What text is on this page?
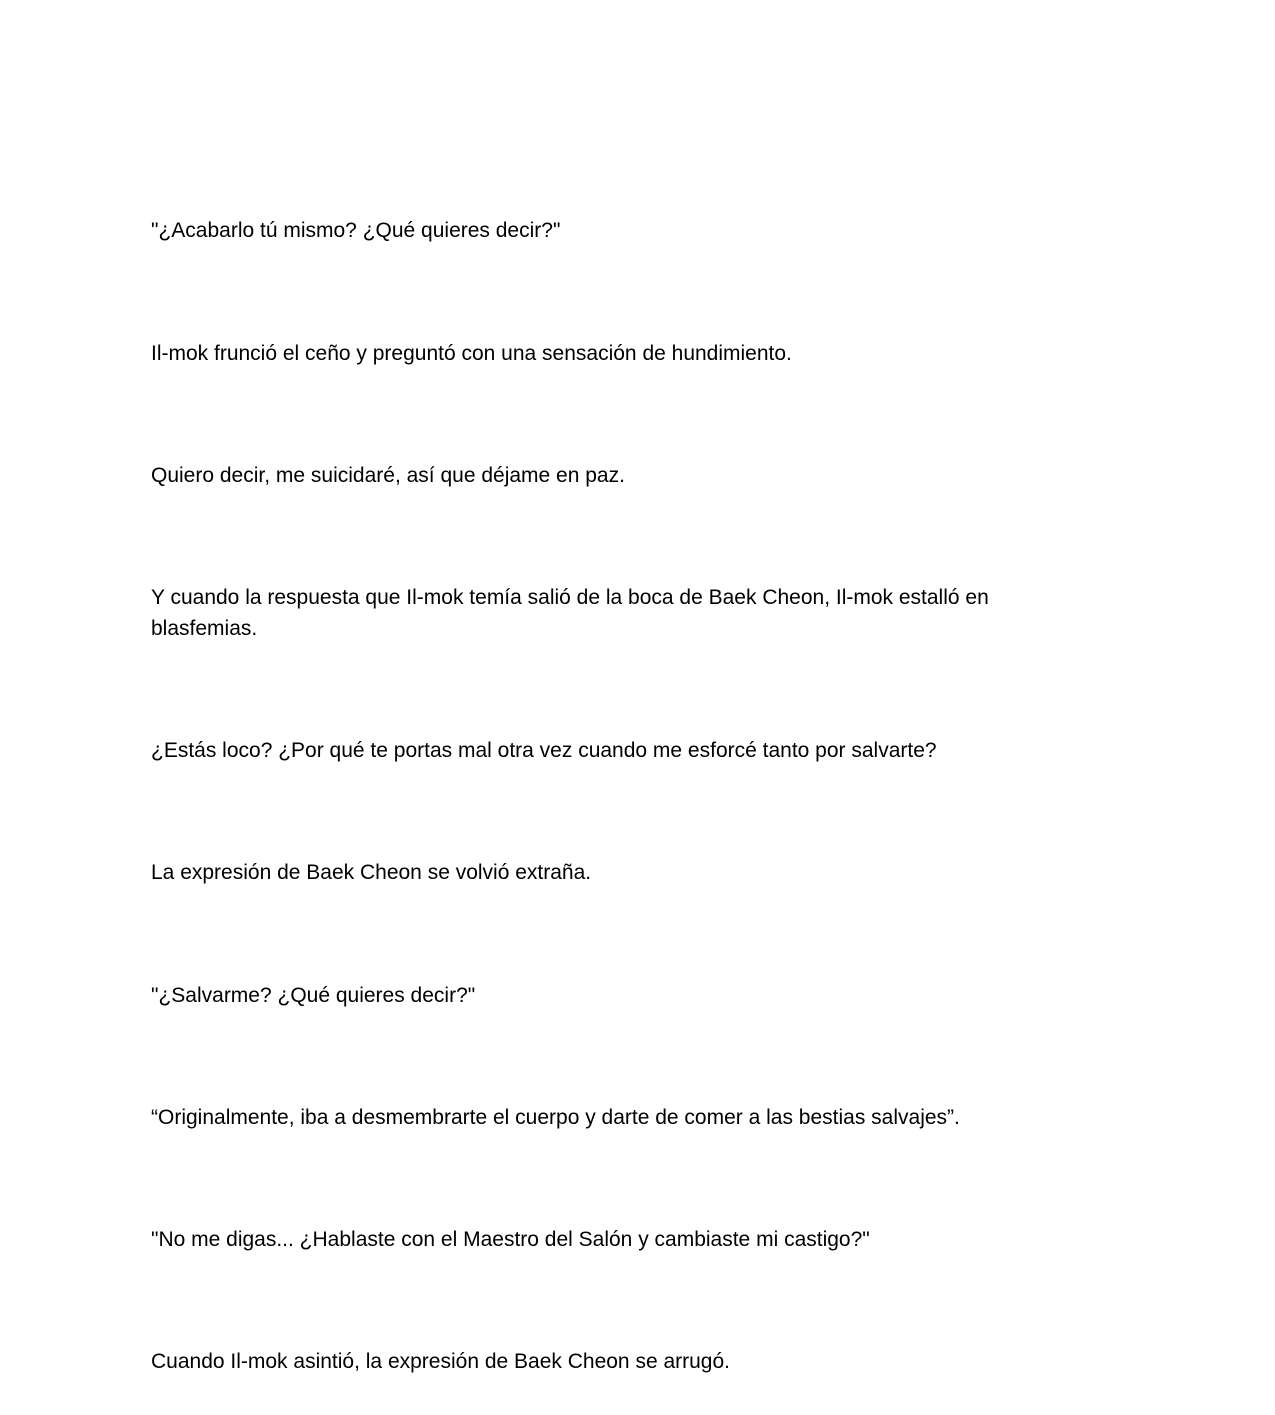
"¿Acabarlo tú mismo? ¿Qué quieres decir?"

Il-mok frunció el ceño y preguntó con una sensación de hundimiento.

Quiero decir, me suicidaré, así que déjame en paz.

Y cuando la respuesta que Il-mok temía salió de la boca de Baek Cheon, Il-mok estalló en blasfemias.

¿Estás loco? ¿Por qué te portas mal otra vez cuando me esforcé tanto por salvarte?

La expresión de Baek Cheon se volvió extraña.

"¿Salvarme? ¿Qué quieres decir?"

“Originalmente, iba a desmembrarte el cuerpo y darte de comer a las bestias salvajes”.

"No me digas... ¿Hablaste con el Maestro del Salón y cambiaste mi castigo?"

Cuando Il-mok asintió, la expresión de Baek Cheon se arrugó.
